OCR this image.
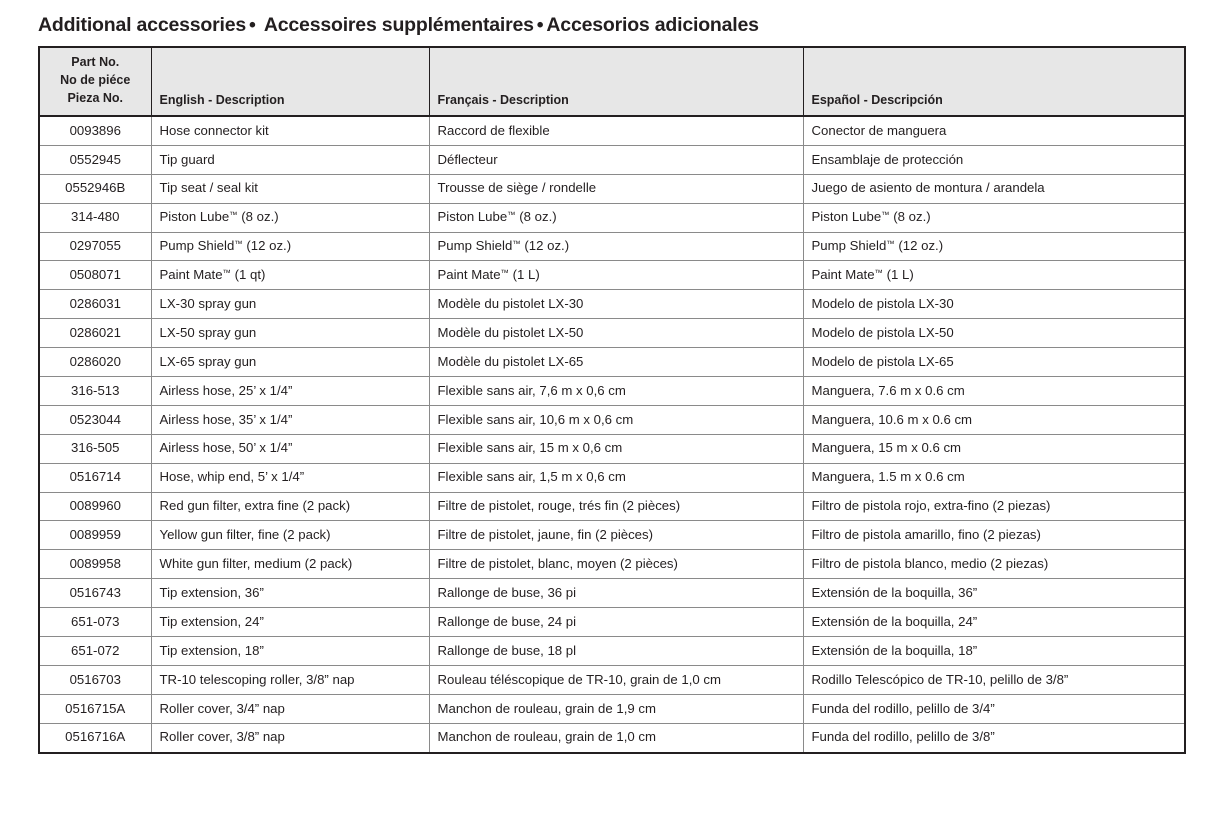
Additional accessories • Accessoires supplémentaires • Accesorios adicionales
Part No.
No de piéce
Pieza No.	English - Description	Français - Description	Español - Descripción
0093896	Hose connector kit	Raccord de flexible	Conector de manguera
0552945	Tip guard	Déflecteur	Ensamblaje de protección
0552946B	Tip seat / seal kit	Trousse de siège / rondelle	Juego de asiento de montura / arandela
314-480	Piston Lube™ (8 oz.)	Piston Lube™ (8 oz.)	Piston Lube™ (8 oz.)
0297055	Pump Shield™ (12 oz.)	Pump Shield™ (12 oz.)	Pump Shield™ (12 oz.)
0508071	Paint Mate™ (1 qt)	Paint Mate™ (1 L)	Paint Mate™ (1 L)
0286031	LX-30 spray gun	Modèle du pistolet LX-30	Modelo de pistola LX-30
0286021	LX-50 spray gun	Modèle du pistolet LX-50	Modelo de pistola LX-50
0286020	LX-65 spray gun	Modèle du pistolet LX-65	Modelo de pistola LX-65
316-513	Airless hose, 25’ x 1/4”	Flexible sans air, 7,6 m x 0,6 cm	Manguera, 7.6 m x 0.6 cm
0523044	Airless hose, 35’ x 1/4”	Flexible sans air, 10,6 m x 0,6 cm	Manguera, 10.6 m x 0.6 cm
316-505	Airless hose, 50’ x 1/4”	Flexible sans air, 15 m x 0,6 cm	Manguera, 15 m x 0.6 cm
0516714	Hose, whip end, 5’ x 1/4”	Flexible sans air, 1,5 m x 0,6 cm	Manguera, 1.5 m x 0.6 cm
0089960	Red gun filter, extra fine (2 pack)	Filtre de pistolet, rouge, trés fin (2 pièces)	Filtro de pistola rojo, extra-fino (2 piezas)
0089959	Yellow gun filter, fine (2 pack)	Filtre de pistolet, jaune, fin (2 pièces)	Filtro de pistola amarillo, fino (2 piezas)
0089958	White gun filter, medium (2 pack)	Filtre de pistolet, blanc, moyen (2 pièces)	Filtro de pistola blanco, medio (2 piezas)
0516743	Tip extension, 36”	Rallonge de buse, 36 pi	Extensión de la boquilla, 36”
651-073	Tip extension, 24”	Rallonge de buse, 24 pi	Extensión de la boquilla, 24”
651-072	Tip extension, 18”	Rallonge de buse, 18 pl	Extensión de la boquilla, 18”
0516703	TR-10 telescoping roller, 3/8” nap	Rouleau téléscopique de TR-10, grain de 1,0 cm	Rodillo Telescópico de TR-10, pelillo de 3/8”
0516715A	Roller cover, 3/4” nap	Manchon de rouleau, grain de 1,9 cm	Funda del rodillo, pelillo de 3/4”
0516716A	Roller cover, 3/8” nap	Manchon de rouleau, grain de 1,0 cm	Funda del rodillo, pelillo de 3/8”
